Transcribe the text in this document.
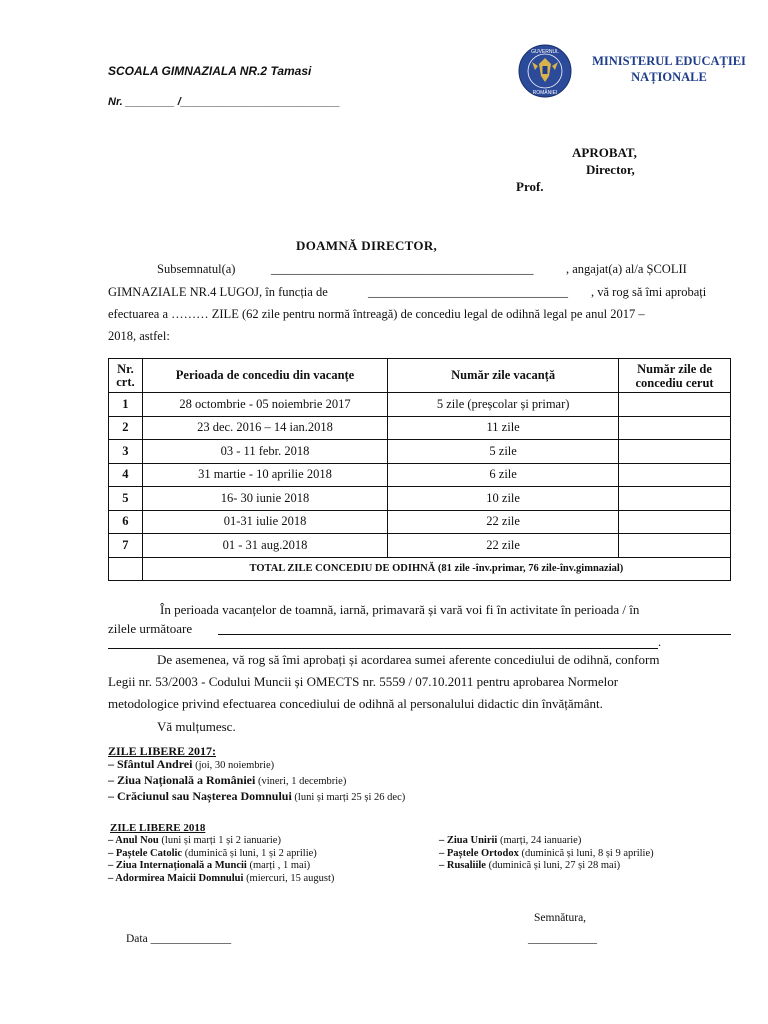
SCOALA GIMNAZIALA NR.2 Tamasi
Nr. ________ /__________________________
GUVERNUL
ROMÂNIEI
MINISTERUL EDUCAȚIEI
NAȚIONALE
APROBAT,
Director,
Prof.
DOAMNĂ DIRECTOR,
Subsemnatul(a)	__________________________________________	, angajat(a) al/a ȘCOLII
GIMNAZIALE NR.4 LUGOJ, în funcția de	________________________________ , vă rog să îmi aprobați
efectuarea a ……… ZILE (62 zile pentru normă întreagă) de concediu legal de odihnă legal pe anul 2017 –
2018, astfel:
Nr. crt.	Perioada de concediu din vacanțe	Număr zile vacanță	Număr zile de concediu cerut
1	28 octombrie - 05 noiembrie 2017	5 zile (preșcolar și primar)	
2	23 dec. 2016 – 14 ian.2018	11 zile	
3	03 - 11 febr. 2018	5 zile	
4	31 martie - 10 aprilie 2018	6 zile	
5	16- 30 iunie 2018	10 zile	
6	01-31 iulie 2018	22 zile	
7	01 - 31 aug.2018	22 zile	
	TOTAL ZILE CONCEDIU DE ODIHNĂ (81 zile -înv.primar, 76 zile-înv.gimnazial)		
În perioada vacanțelor de toamnă, iarnă, primavară și vară voi fi în activitate în perioada / în
zilele următoare
.
De asemenea, vă rog să îmi aprobați și acordarea sumei aferente concediului de odihnă, conform
Legii nr. 53/2003 - Codului Muncii și OMECTS nr. 5559 / 07.10.2011 pentru aprobarea Normelor
metodologice privind efectuarea concediului de odihnă al personalului didactic din învățământ.
Vă mulțumesc.
ZILE LIBERE 2017:
– Sfântul Andrei (joi, 30 noiembrie)
– Ziua Națională a României (vineri, 1 decembrie)
– Crăciunul sau Nașterea Domnului (luni și marți 25 și 26 dec)
ZILE LIBERE 2018
– Anul Nou (luni și marți 1 și 2 ianuarie)
– Paștele Catolic (duminică și luni, 1 și 2 aprilie)
– Ziua Internațională a Muncii (marți , 1 mai)
– Adormirea Maicii Domnului (miercuri, 15 august)
– Ziua Unirii (marți, 24 ianuarie)
– Paștele Ortodox (duminică și luni, 8 și 9 aprilie)
– Rusaliile (duminică și luni, 27 și 28 mai)
Semnătura,
Data ______________	____________
